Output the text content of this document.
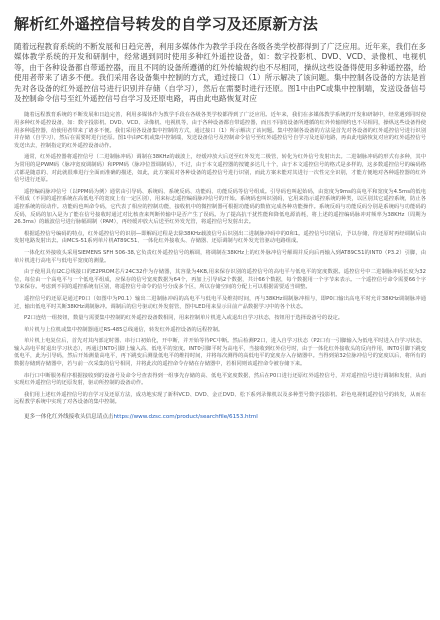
解析红外遥控信号转发的自学习及还原新方法
随着远程教育系统的不断发展和日趋完善，利用多媒体作为教学手段在各级各类学校都得到了广泛应用。近年来，我们在多媒体教学系统的开发和研制中，经常遇到同时使用多种红外遥控设备，如：数字投影机、DVD、VCD、录像机、电视机等，由于各种设备都自带遥控器，而且不同的设备所遵循的红外传输规约也不尽相同，操纵这些设备得使用多种遥控器，给使用者带来了诸多不便。我们采用各设备集中控制的方式，通过接口（1）所示解决了该问题。集中控制各设备的方法是首先对各设备的红外遥控信号进行识别并存储（自学习），然后在需要时进行还原。图1中由PC或集中控制端，发送设备信号及控制命令信号至红外遥控信号自学习及还原电路，再由此电路恢复对应

随着远程教育系统的不断发展和日趋完善，利用多媒体作为教学手段在各级各类学校都得到了广泛应用。近年来，我们在多媒体教学系统的开发和研制中，经常遇到同时使用多种红外遥控设备，如：数字投影机、DVD、VCD、录像机、电视机等，由于各种设备都自带遥控器，而且不同的设备所遵循的红外传输规约也不尽相同，操纵这些设备得使用多种遥控器，给使用者带来了诸多不便。我们采用各设备集中控制的方式，通过接口（1）所示解决了该问题。集中控制各设备的方法是首先对各设备的红外遥控信号进行识别并存储（自学习），然后在需要时进行还原。图1中由PC机或集中控制端，发送设备信号及控制命令信号至红外遥控信号自学习及还原电路，再由此电路恢复对应的红外遥控信号发送出去，控制指定的红外遥控设备动作。

通常，红外遥控器将遥控信号（二进制脉冲码）调制在38KHz的载波上，经缓冲放大后送至红外发光二极管，转化为红外信号发射出去。二进制脉冲码的形式有多种，其中为常用的是PWM码（脉冲宽度调制码）和PPM码（脉冲位置调制码），不过，由于本文遥控器的按键多达几十个，由于本文遥控信号的格式是多样的，这多数遥控信号的编码格式都是随意的、对此就很难进行全面而准确的描述，如此，此方案需对各种设备的遥控信号进行识别，而此方案未能对其进行一次性完全识别，才能方便地对各种遥控器的红外信号进行还原。

遥控编码脉冲信号（以PPM码为例）通常由引导码、系统码、系统反码、功能码、功能反码等信号组成。引导码也叫起始码，由宽度为9ms的高电平和宽度为4.5ms的低电平组成（不同的遥控系统在高低电平的宽度上有一定区别），用来标志遥控编码脉冲信号的开始。系统码也叫识别码，它用来指示遥控系统的种类，以区别其它遥控系统，防止各遥控系统的误动作。功能码也叫命令码，它代表了相应的控制功能，接收机中的微控制器可根据功能码的数值完成各种功能操作。系统反码与功能反码分别是系统码与功能码的反码，反码的加入是为了能在信号接收时通过对比核查来判断传输中是否产生了误码。为了提高抗干扰性能和降低电源消耗，将上述的遥控编码脉冲对频率为38KHz（周期为26.3ms）的载波信号进行脉幅调制（PAM），再经缓冲放大后送至红外发光管，将遥控信号发射出去。

根据遥控信号编码的特点，红外遥控信号的识别—即解码过程是去除38KHz载波信号后识别出二进制脉冲码中的0和1。遥控信号识别后，予以存储，待还原时再经调制后由发射电路发射出去。由MCS-51系列单片机AT89C51、一体化红外接收头、存储器、还原调制与红外发光管驱动电路组成。

一体化红外接收头采用SIEMENS SFH 506-38,它负责红外遥控信号的解调，将调制在38KHz上的红外脉冲信号解调并反向后再输入到AT89C51的INT0（P3.2）引脚，由单片机进行高电平与低电平宽度的测量。

由于使用具有I2C总线接口的E2PROM芯片24C32作为存储器，其容量为4KB,用来保存识别的遥控信号的高电平与低电平的宽度数据。遥控信号中二进制脉冲码长度为32位，每位由一个高电平与一个低电平组成，应保存的信号宽度数据为64个，再加上引导码2个数据，共计66个数据，每个数据用一个字节来表示。一个遥控信号命令需要66个字节来保存。考虑到不同的遥控系统有区别，将遥控信号命令的信号分成多个区，所以存储空间的分配上可以根据需要适当调整。

遥控信号的还原是通过P0口（如图中为P0.1）输出二进制脉冲码的高电平与低电平及维持时间，再与38KHz调制脉冲相与，即P0口输出高电平时允许38KHz调制脉冲通过，输出低电平时关断38KHz调制脉冲。调制后的信号驱动红外发射管，图中LED用来显示目前产品数据学习中的各个状态。

P2口连结一组按钮，数量与需要集中控制的红外遥控设备数相同，用来控制单片机进入或退出自学习状态，按钮用于选择设备号的设定。

单片机与上位机或集中控制器通过RS-485总线通信，转发红外遥控设备的远程控制。

单片机上电复位后，首先对其内部定时器、串行口初始化，开中断，并开始等待PC中断。然后检测P2口，进入自学习状态（P2口有一引脚输入为低电平时进入自学习状态，输入高电平时退出学习状态），再通过INT0引脚上输入高、低电平的宽度。INT0引脚平时为高电平，当接收到红外信号时，由于一体化红外接收头的反向作用，INT0引脚下跳变低电平，此为引导码，然后开始测量高电平，再下跳变后测量低电平的维持时间，并将每次测得的高低电平的宽度存入存储器中。当得到第32位脉冲信号的宽度以后，将所有的数据存储到存储器中，若与前一次采集的信号相同，并将此次的遥控命令存储在存储器中，若相同则该遥控命令被存储下来。

串行口中断服务程序根据接收到的设备号及命令号查表得到一组事先存储的高、低电平宽度数据，然后在P0口进行还原红外遥控信号，并对遥控信号进行调制和发射，从而实现红外遥控信号的还原发射，驱动所控制的设备动作。

我们用上述红外遥控信号的自学习及还原方法，成功地实现了新科VCD、DVD、金正DVD、松下系列录像机以及多种型号数字投影机、彩色电视机遥控信号的转发，从而在远程教学系统中实现了对各设备的集中控制。

更多一体化红外线接收头信息请点击https://www.dzsc.com/product/searchfile/6153.html
